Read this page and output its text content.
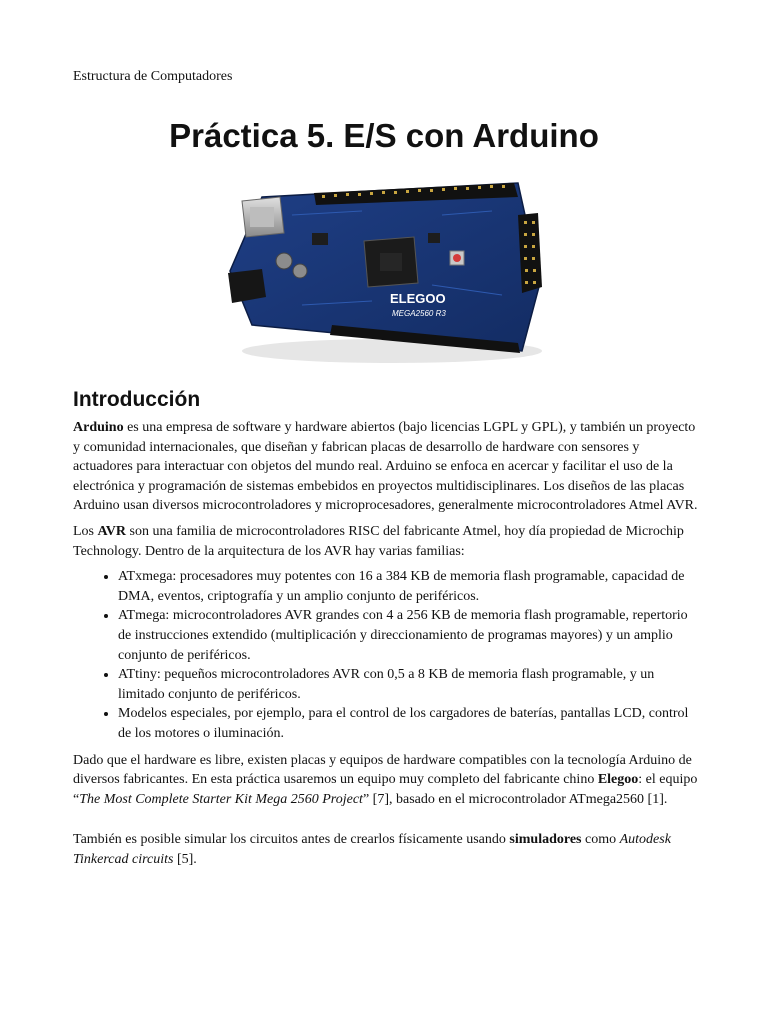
Estructura de Computadores
Práctica 5. E/S con Arduino
ELEGOO
MEGA2560 R3
Introducción

Arduino es una empresa de software y hardware abiertos (bajo licencias LGPL y GPL), y también un proyecto y comunidad internacionales, que diseñan y fabrican placas de desarrollo de hardware con sensores y actuadores para interactuar con objetos del mundo real. Arduino se enfoca en acercar y facilitar el uso de la electrónica y programación de sistemas embebidos en proyectos multidisciplinares. Los diseños de las placas Arduino usan diversos microcontroladores y microprocesadores, generalmente microcontroladores Atmel AVR.

Los AVR son una familia de microcontroladores RISC del fabricante Atmel, hoy día propiedad de Microchip Technology. Dentro de la arquitectura de los AVR hay varias familias:

• ATxmega: procesadores muy potentes con 16 a 384 KB de memoria flash programable, capacidad de DMA, eventos, criptografía y un amplio conjunto de periféricos.
• ATmega: microcontroladores AVR grandes con 4 a 256 KB de memoria flash programable, repertorio de instrucciones extendido (multiplicación y direccionamiento de programas mayores) y un amplio conjunto de periféricos.
• ATtiny: pequeños microcontroladores AVR con 0,5 a 8 KB de memoria flash programable, y un limitado conjunto de periféricos.
• Modelos especiales, por ejemplo, para el control de los cargadores de baterías, pantallas LCD, control de los motores o iluminación.

Dado que el hardware es libre, existen placas y equipos de hardware compatibles con la tecnología Arduino de diversos fabricantes. En esta práctica usaremos un equipo muy completo del fabricante chino Elegoo: el equipo “The Most Complete Starter Kit Mega 2560 Project” [7], basado en el microcontrolador ATmega2560 [1].

También es posible simular los circuitos antes de crearlos físicamente usando simuladores como Autodesk Tinkercad circuits [5].
